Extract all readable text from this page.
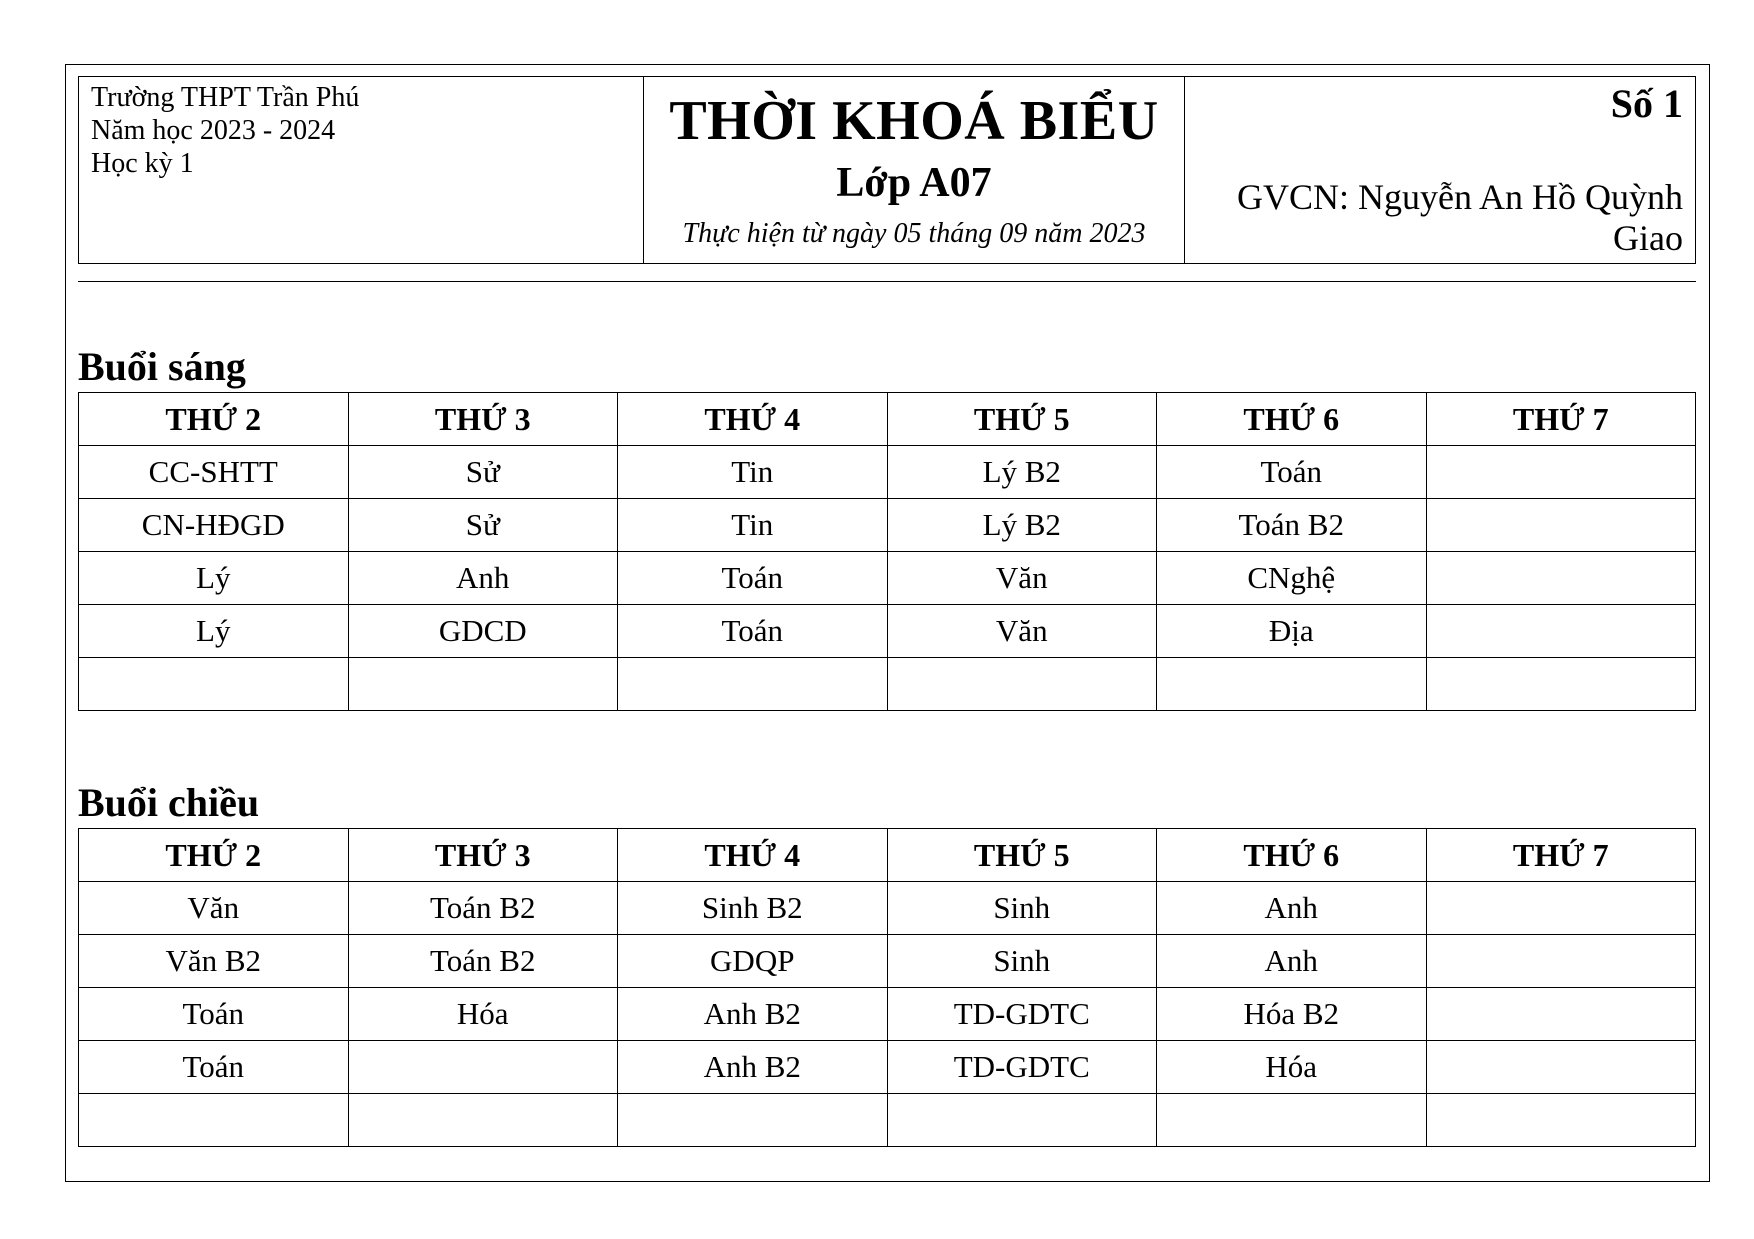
Trường THPT Trần Phú
Năm học 2023 - 2024
Học kỳ 1

THỜI KHOÁ BIỂU
Lớp A07
Thực hiện từ ngày 05 tháng 09 năm 2023

Số 1
GVCN: Nguyễn An Hồ Quỳnh Giao
Buổi sáng
THỨ 2	THỨ 3	THỨ 4	THỨ 5	THỨ 6	THỨ 7
CC-SHTT	Sử	Tin	Lý B2	Toán	
CN-HĐGD	Sử	Tin	Lý B2	Toán B2	
Lý	Anh	Toán	Văn	CNghệ	
Lý	GDCD	Toán	Văn	Địa	

Buổi chiều
THỨ 2	THỨ 3	THỨ 4	THỨ 5	THỨ 6	THỨ 7
Văn	Toán B2	Sinh B2	Sinh	Anh	
Văn B2	Toán B2	GDQP	Sinh	Anh	
Toán	Hóa	Anh B2	TD-GDTC	Hóa B2	
Toán		Anh B2	TD-GDTC	Hóa	
